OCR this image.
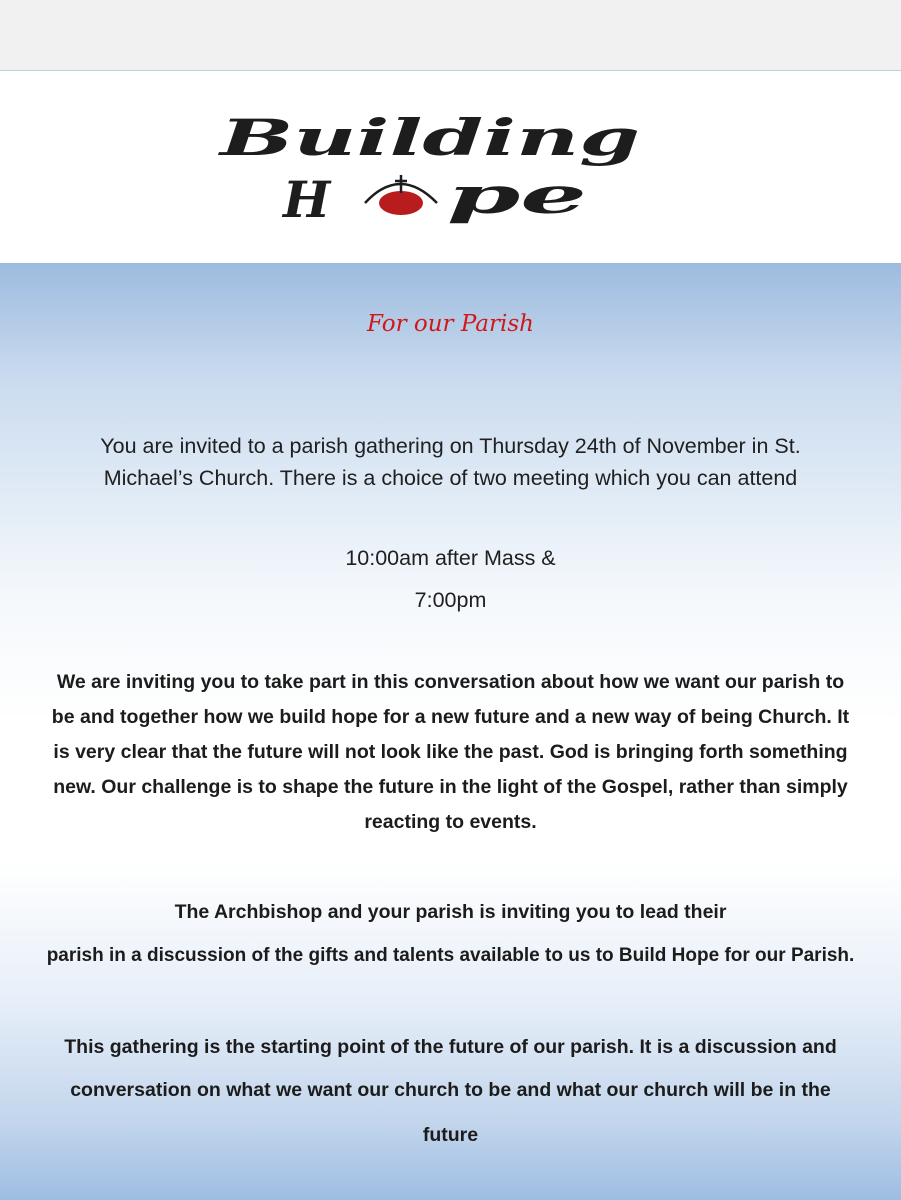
Building
H pe

For our Parish

You are invited to a parish gathering on Thursday 24th of November in St.

Michael’s Church. There is a choice of two meeting which you can attend

10:00am after Mass &

7:00pm

We are inviting you to take part in this conversation about how we want our parish to

be and together how we build hope for a new future and a new way of being Church. It

is very clear that the future will not look like the past. God is bringing forth something

new. Our challenge is to shape the future in the light of the Gospel, rather than simply

reacting to events.

The Archbishop and your parish is inviting you to lead their

parish in a discussion of the gifts and talents available to us to Build Hope for our Parish.

This gathering is the starting point of the future of our parish. It is a discussion and

conversation on what we want our church to be and what our church will be in the

future
